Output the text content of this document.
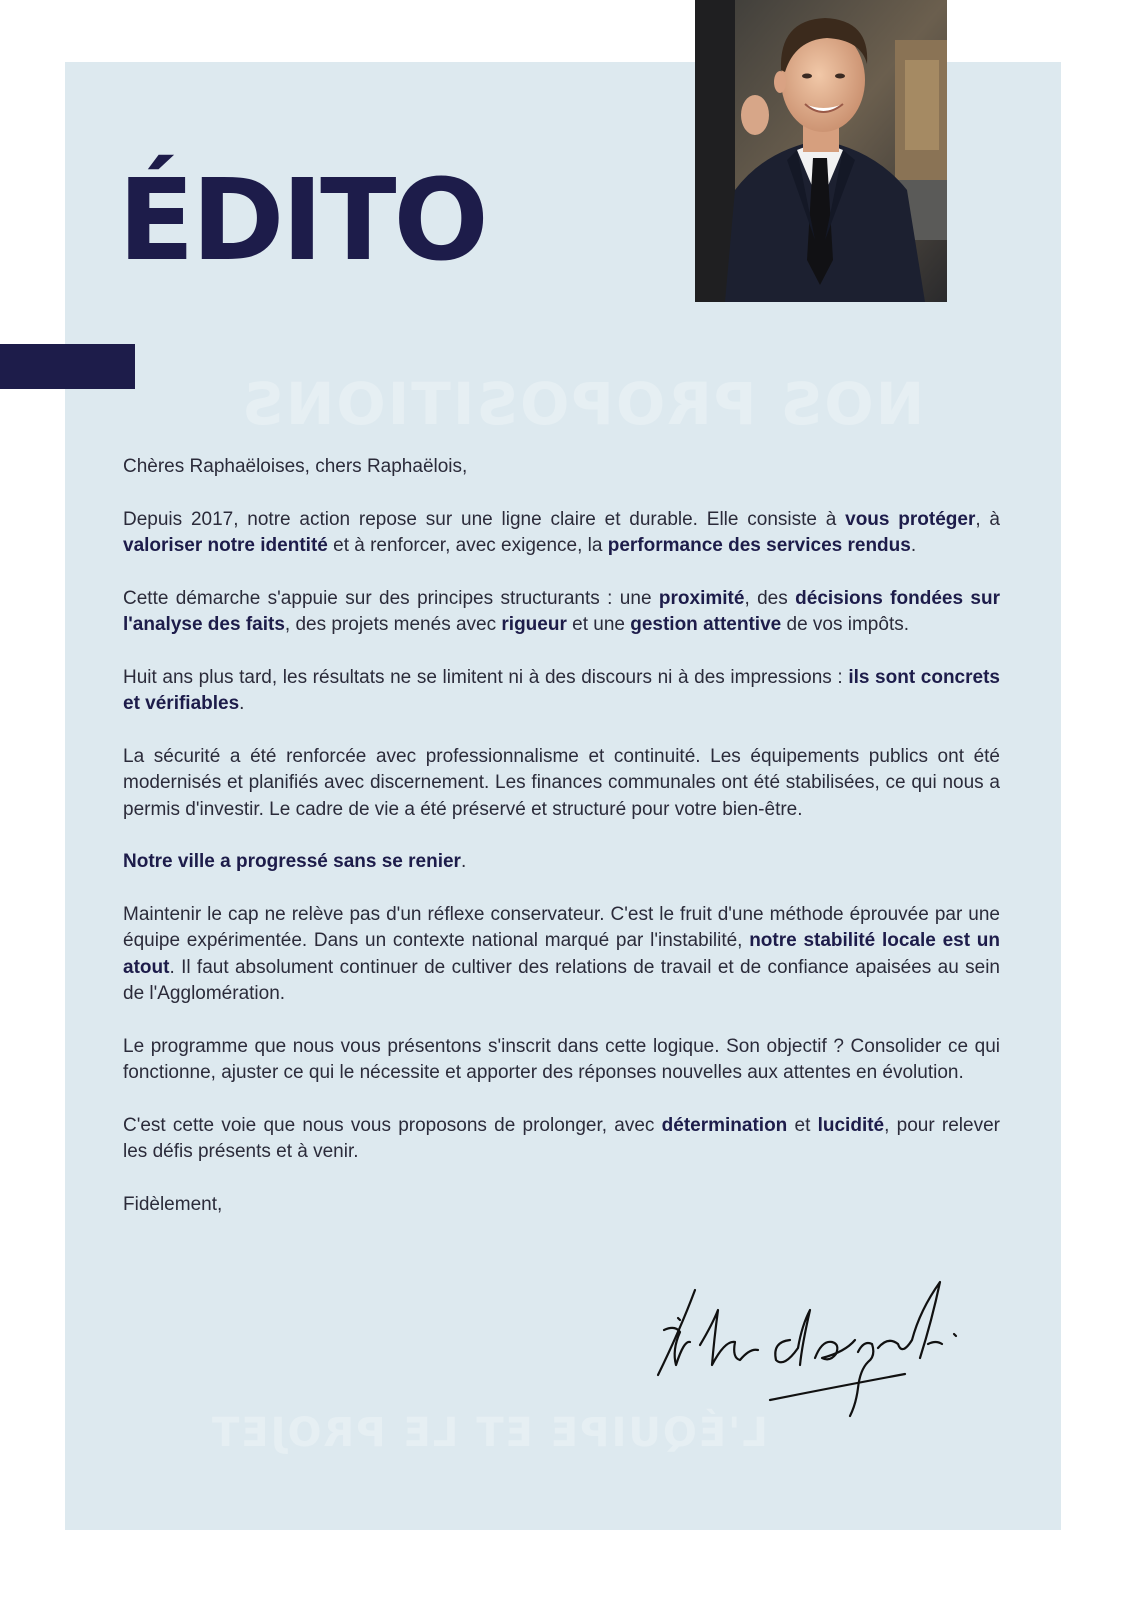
NOS PROPOSITIONS
L'ÉQUIPE ET LE PROJET
ÉDITO

Chères Raphaëloises, chers Raphaëlois,

Depuis 2017, notre action repose sur une ligne claire et durable. Elle consiste à vous protéger, à valoriser notre identité et à renforcer, avec exigence, la performance des services rendus.

Cette démarche s'appuie sur des principes structurants : une proximité, des décisions fondées sur l'analyse des faits, des projets menés avec rigueur et une gestion attentive de vos impôts.

Huit ans plus tard, les résultats ne se limitent ni à des discours ni à des impressions : ils sont concrets et vérifiables.

La sécurité a été renforcée avec professionnalisme et continuité. Les équipements publics ont été modernisés et planifiés avec discernement. Les finances communales ont été stabilisées, ce qui nous a permis d'investir. Le cadre de vie a été préservé et structuré pour votre bien-être.

Notre ville a progressé sans se renier.

Maintenir le cap ne relève pas d'un réflexe conservateur. C'est le fruit d'une méthode éprouvée par une équipe expérimentée. Dans un contexte national marqué par l'instabilité, notre stabilité locale est un atout. Il faut absolument continuer de cultiver des relations de travail et de confiance apaisées au sein de l'Agglomération.

Le programme que nous vous présentons s'inscrit dans cette logique. Son objectif ? Consolider ce qui fonctionne, ajuster ce qui le nécessite et apporter des réponses nouvelles aux attentes en évolution.

C'est cette voie que nous vous proposons de prolonger, avec détermination et lucidité, pour relever les défis présents et à venir.

Fidèlement,
